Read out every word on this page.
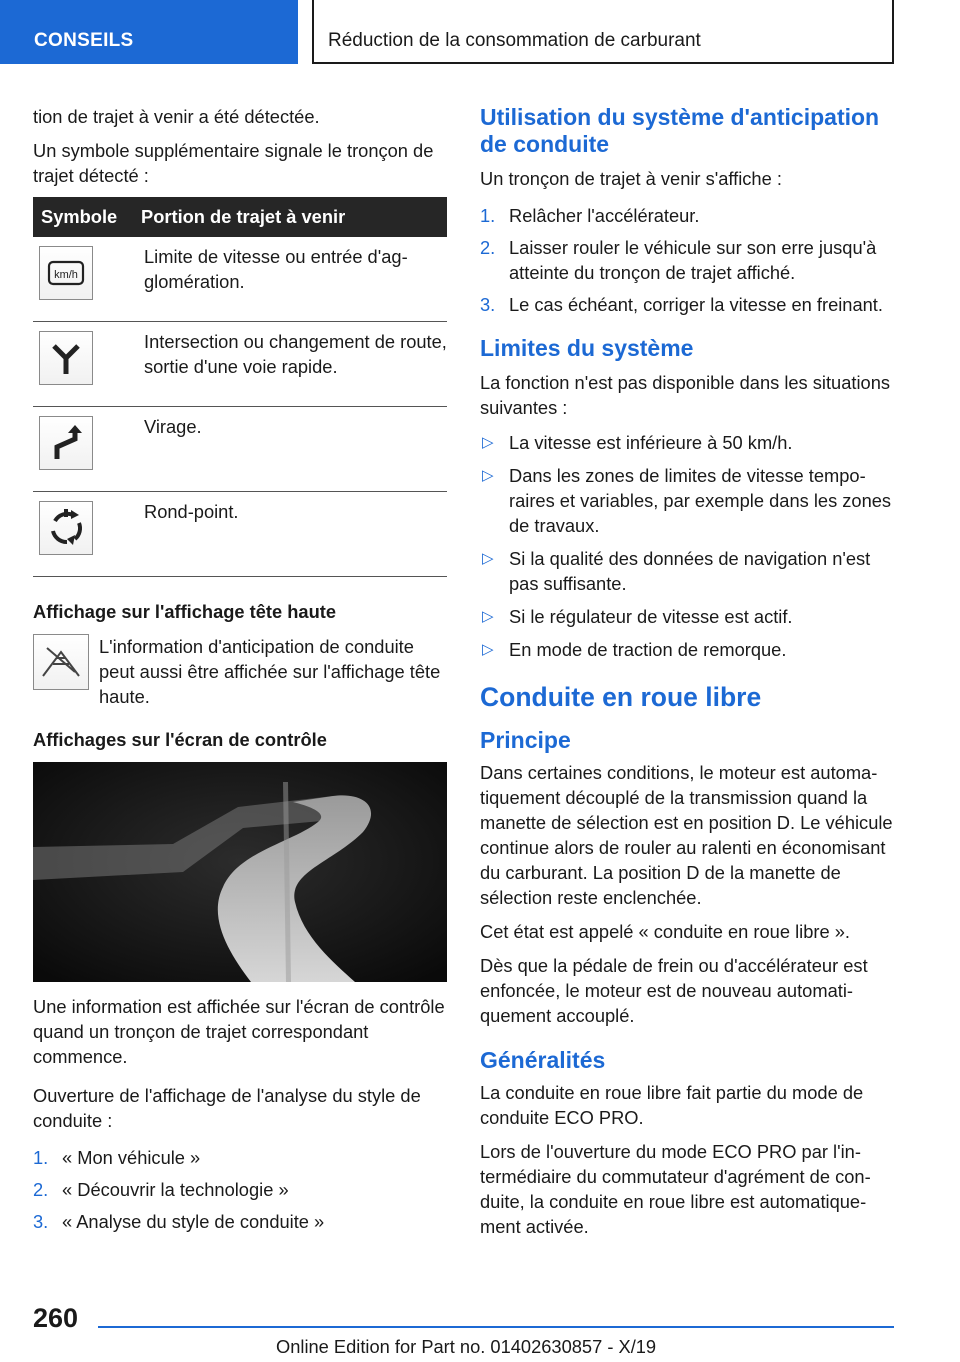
CONSEILS	Réduction de la consommation de carburant

tion de trajet à venir a été détectée.

Un symbole supplémentaire signale le tronçon de trajet détecté :

Symbole	Portion de trajet à venir

km/h	Limite de vitesse ou entrée d'agglomération.

	Intersection ou changement de route, sortie d'une voie rapide.

	Virage.

	Rond-point.
Affichage sur l'affichage tête haute

L'information d'anticipation de conduite peut aussi être affichée sur l'affichage tête haute.

Affichages sur l'écran de contrôle

Une information est affichée sur l'écran de contrôle quand un tronçon de trajet correspondant commence.

Ouverture de l'affichage de l'analyse du style de conduite :

1. « Mon véhicule »
2. « Découvrir la technologie »
3. « Analyse du style de conduite »
Utilisation du système d'anticipation de conduite

Un tronçon de trajet à venir s'affiche :

1. Relâcher l'accélérateur.
2. Laisser rouler le véhicule sur son erre jusqu'à atteinte du tronçon de trajet affiché.
3. Le cas échéant, corriger la vitesse en freinant.
Limites du système

La fonction n'est pas disponible dans les situations suivantes :

▷ La vitesse est inférieure à 50 km/h.
▷ Dans les zones de limites de vitesse temporaires et variables, par exemple dans les zones de travaux.
▷ Si la qualité des données de navigation n'est pas suffisante.
▷ Si le régulateur de vitesse est actif.
▷ En mode de traction de remorque.
Conduite en roue libre
Principe

Dans certaines conditions, le moteur est automatiquement découplé de la transmission quand la manette de sélection est en position D. Le véhicule continue alors de rouler au ralenti en économisant du carburant. La position D de la manette de sélection reste enclenchée.

Cet état est appelé « conduite en roue libre ».

Dès que la pédale de frein ou d'accélérateur est enfoncée, le moteur est de nouveau automatiquement accouplé.

Généralités

La conduite en roue libre fait partie du mode de conduite ECO PRO.

Lors de l'ouverture du mode ECO PRO par l'intermédiaire du commutateur d'agrément de conduite, la conduite en roue libre est automatiquement activée.

260
Online Edition for Part no. 01402630857 - X/19
